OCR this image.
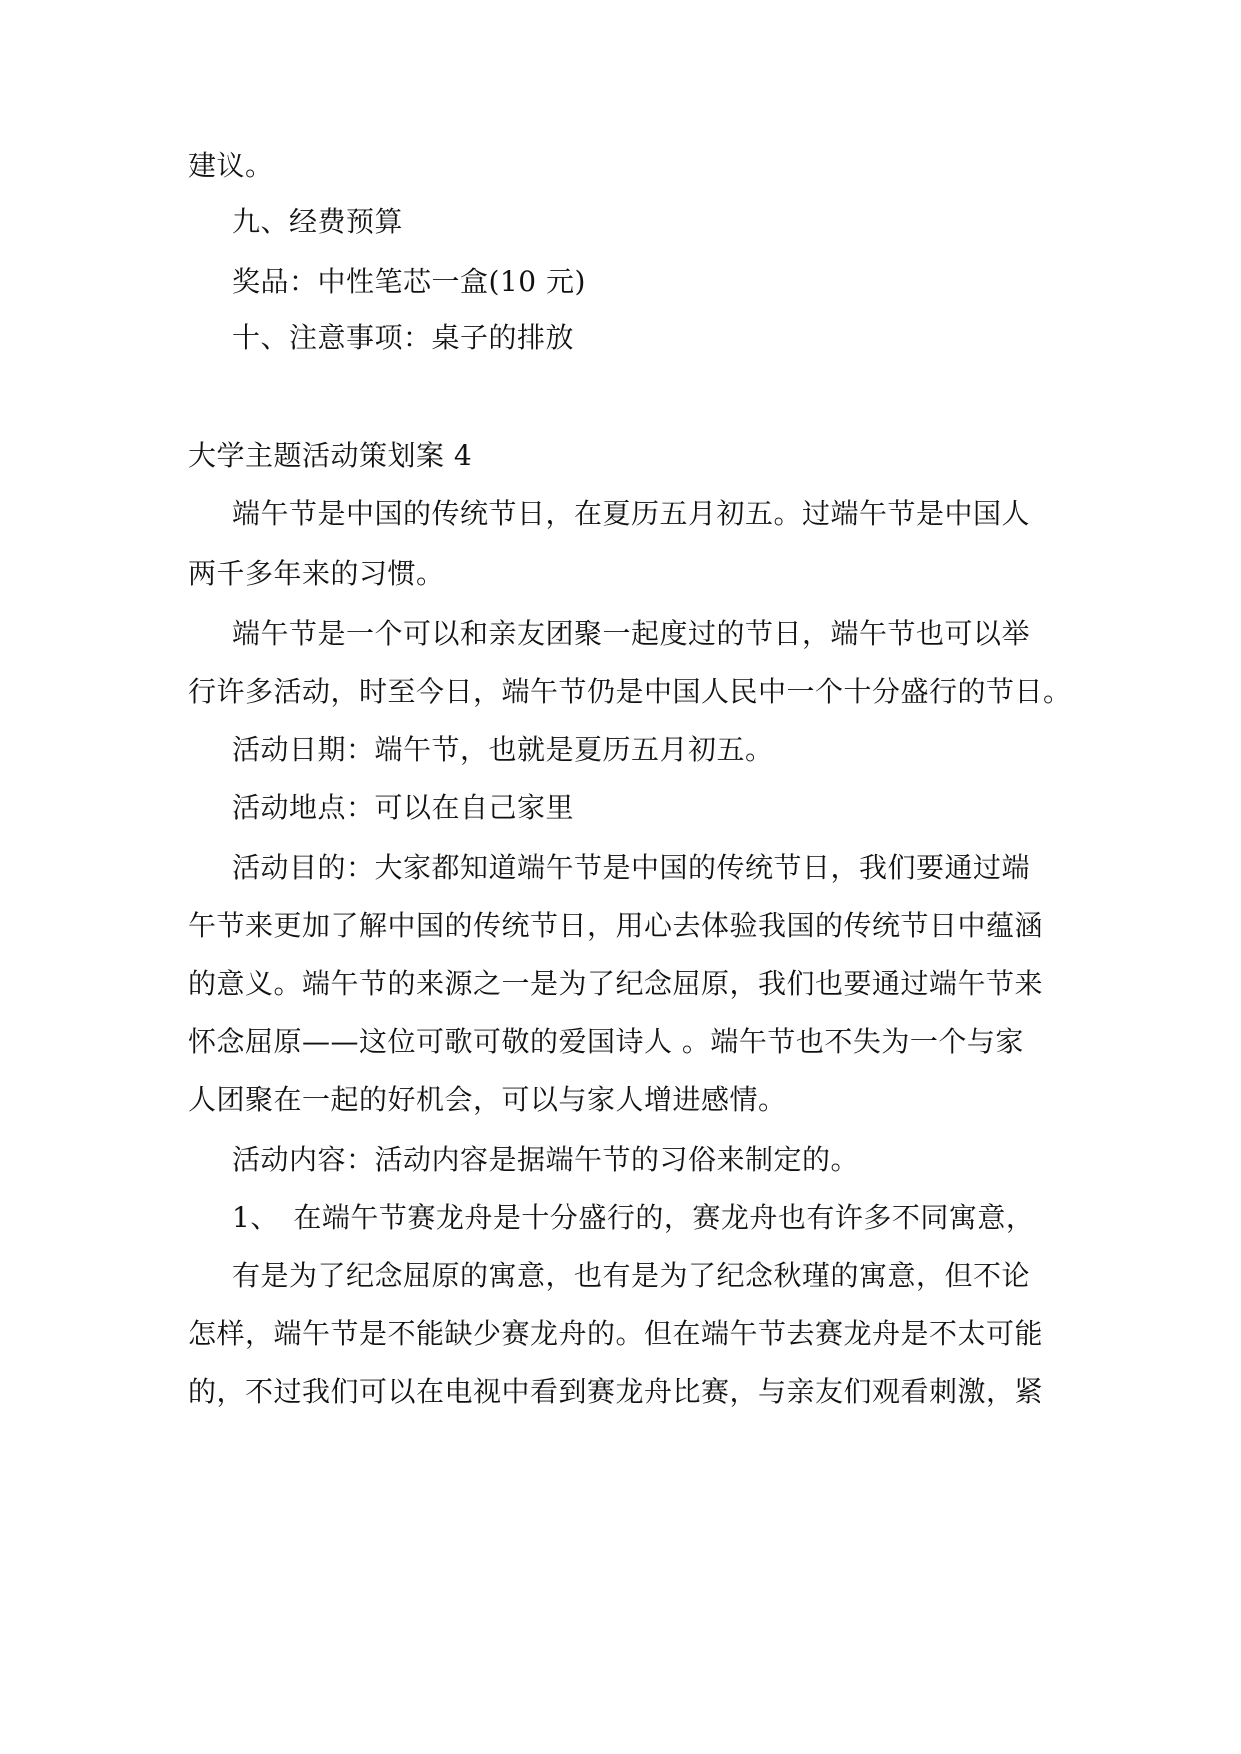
建议。
九、经费预算
奖品：中性笔芯一盒(10 元)
十、注意事项：桌子的排放
大学主题活动策划案 4
端午节是中国的传统节日，在夏历五月初五。过端午节是中国人
两千多年来的习惯。
端午节是一个可以和亲友团聚一起度过的节日，端午节也可以举
行许多活动，时至今日，端午节仍是中国人民中一个十分盛行的节日。
活动日期：端午节，也就是夏历五月初五。
活动地点：可以在自己家里
活动目的：大家都知道端午节是中国的传统节日，我们要通过端
午节来更加了解中国的传统节日，用心去体验我国的传统节日中蕴涵
的意义。端午节的来源之一是为了纪念屈原，我们也要通过端午节来
怀念屈原——这位可歌可敬的爱国诗人 。端午节也不失为一个与家
人团聚在一起的好机会，可以与家人增进感情。
活动内容：活动内容是据端午节的习俗来制定的。
1、　在端午节赛龙舟是十分盛行的，赛龙舟也有许多不同寓意，
有是为了纪念屈原的寓意，也有是为了纪念秋瑾的寓意，但不论
怎样，端午节是不能缺少赛龙舟的。但在端午节去赛龙舟是不太可能
的，不过我们可以在电视中看到赛龙舟比赛，与亲友们观看刺激，紧
